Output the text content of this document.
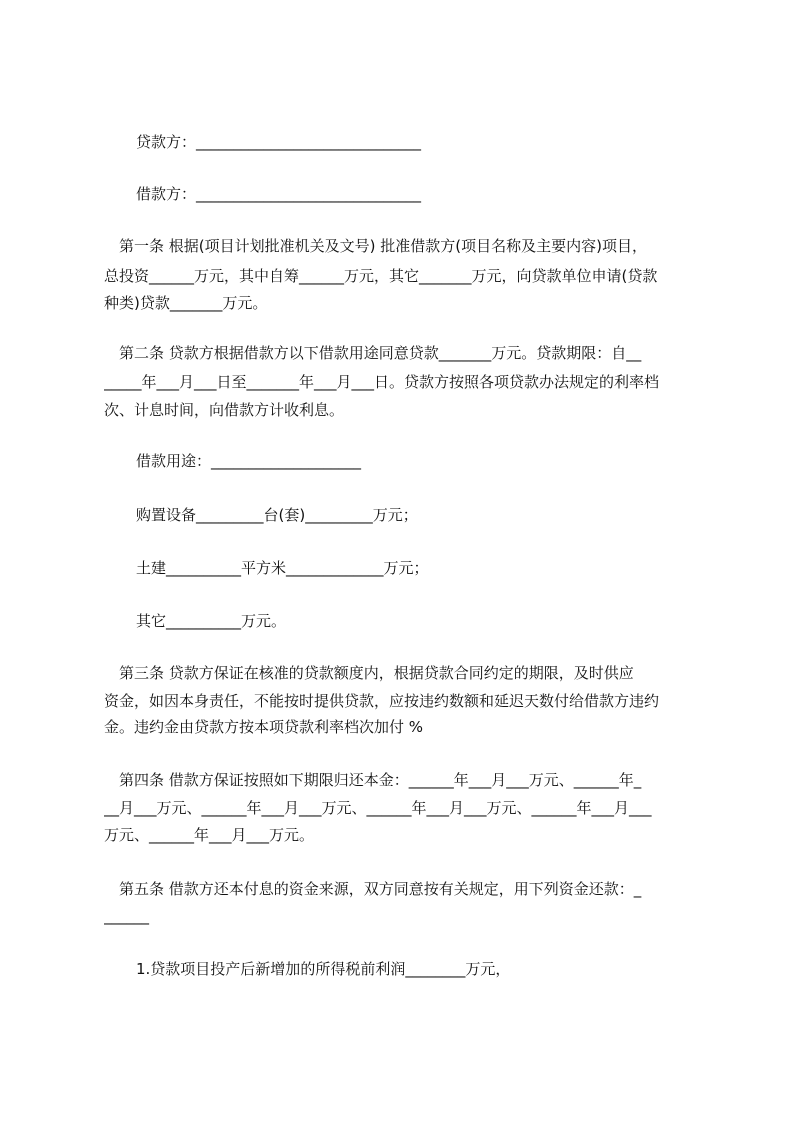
贷款方：______________________________
借款方：______________________________
　第一条 根据(项目计划批准机关及文号) 批准借款方(项目名称及主要内容)项目，
总投资______万元，其中自筹______万元，其它_______万元，向贷款单位申请(贷款
种类)贷款_______万元。
　第二条 贷款方根据借款方以下借款用途同意贷款_______万元。贷款期限：自__
_____年___月___日至_______年___月___日。贷款方按照各项贷款办法规定的利率档
次、计息时间，向借款方计收利息。
借款用途：____________________
购置设备_________台(套)_________万元；
土建__________平方米_____________万元；
其它__________万元。
　第三条 贷款方保证在核准的贷款额度内，根据贷款合同约定的期限，及时供应
资金，如因本身责任，不能按时提供贷款，应按违约数额和延迟天数付给借款方违约
金。违约金由贷款方按本项贷款利率档次加付 %
　第四条 借款方保证按照如下期限归还本金：______年___月___万元、______年_
__月___万元、______年___月___万元、______年___月___万元、______年___月___
万元、______年___月___万元。
　第五条 借款方还本付息的资金来源，双方同意按有关规定，用下列资金还款：_
______
1.贷款项目投产后新增加的所得税前利润________万元，
